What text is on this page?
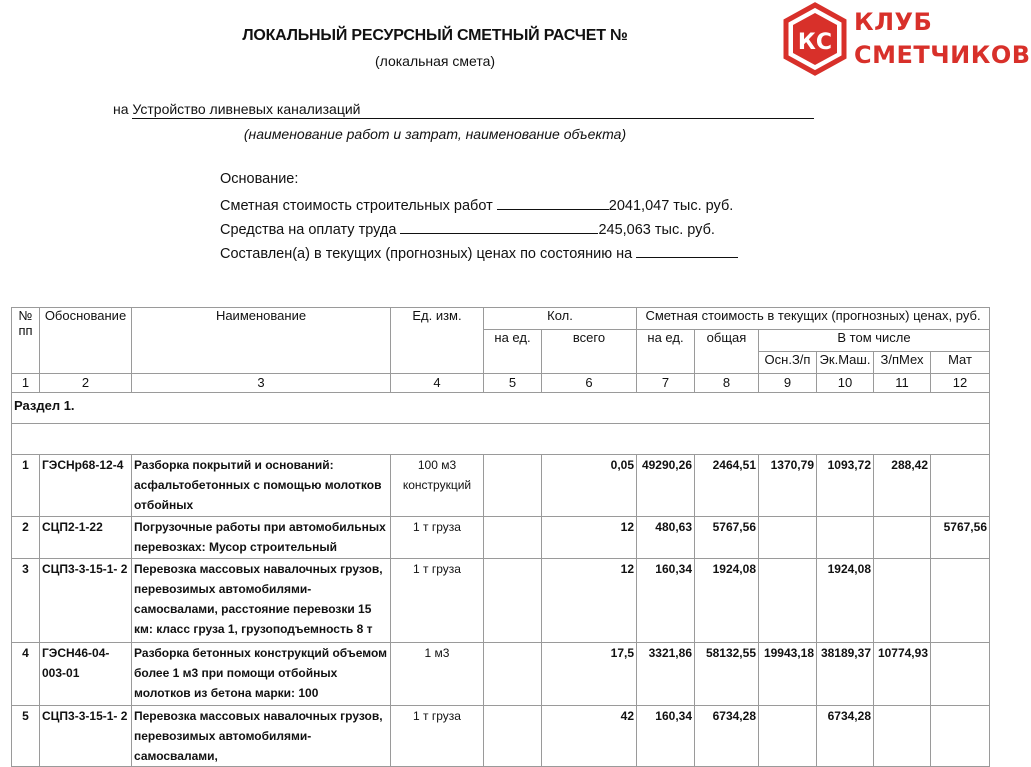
ЛОКАЛЬНЫЙ РЕСУРСНЫЙ СМЕТНЫЙ РАСЧЕТ №
(локальная смета)
КС
КЛУБ
СМЕТЧИКОВ
на Устройство ливневых канализаций
(наименование работ и затрат, наименование объекта)
Основание:
Сметная стоимость строительных работ	2041,047 тыс. руб.
Средства на оплату труда	245,063 тыс. руб.
Составлен(а) в текущих (прогнозных) ценах по состоянию на
№ пп	Обоснование	Наименование	Ед. изм.	Кол.		Сметная стоимость в текущих (прогнозных) ценах, руб.					
				на ед.	всего	на ед.	общая	В том числе			
								Осн.З/п	Эк.Маш.	З/пМех	Мат
1	2	3	4	5	6	7	8	9	10	11	12
Раздел 1.											

1	ГЭСНр68-12-4	Разборка покрытий и оснований: асфальтобетонных с помощью молотков отбойных	100 м3 конструкций		0,05	49290,26	2464,51	1370,79	1093,72	288,42	
2	СЦП2-1-22	Погрузочные работы при автомобильных перевозках: Мусор строительный	1 т груза		12	480,63	5767,56				5767,56
3	СЦП3-3-15-1- 2	Перевозка массовых навалочных грузов, перевозимых автомобилями-самосвалами, расстояние перевозки 15 км: класс груза 1, грузоподъемность 8 т	1 т груза		12	160,34	1924,08		1924,08		
4	ГЭСН46-04-003-01	Разборка бетонных конструкций объемом более 1 м3 при помощи отбойных молотков из бетона марки: 100	1 м3		17,5	3321,86	58132,55	19943,18	38189,37	10774,93	
5	СЦП3-3-15-1- 2	Перевозка массовых навалочных грузов, перевозимых автомобилями-самосвалами,	1 т груза		42	160,34	6734,28		6734,28		
